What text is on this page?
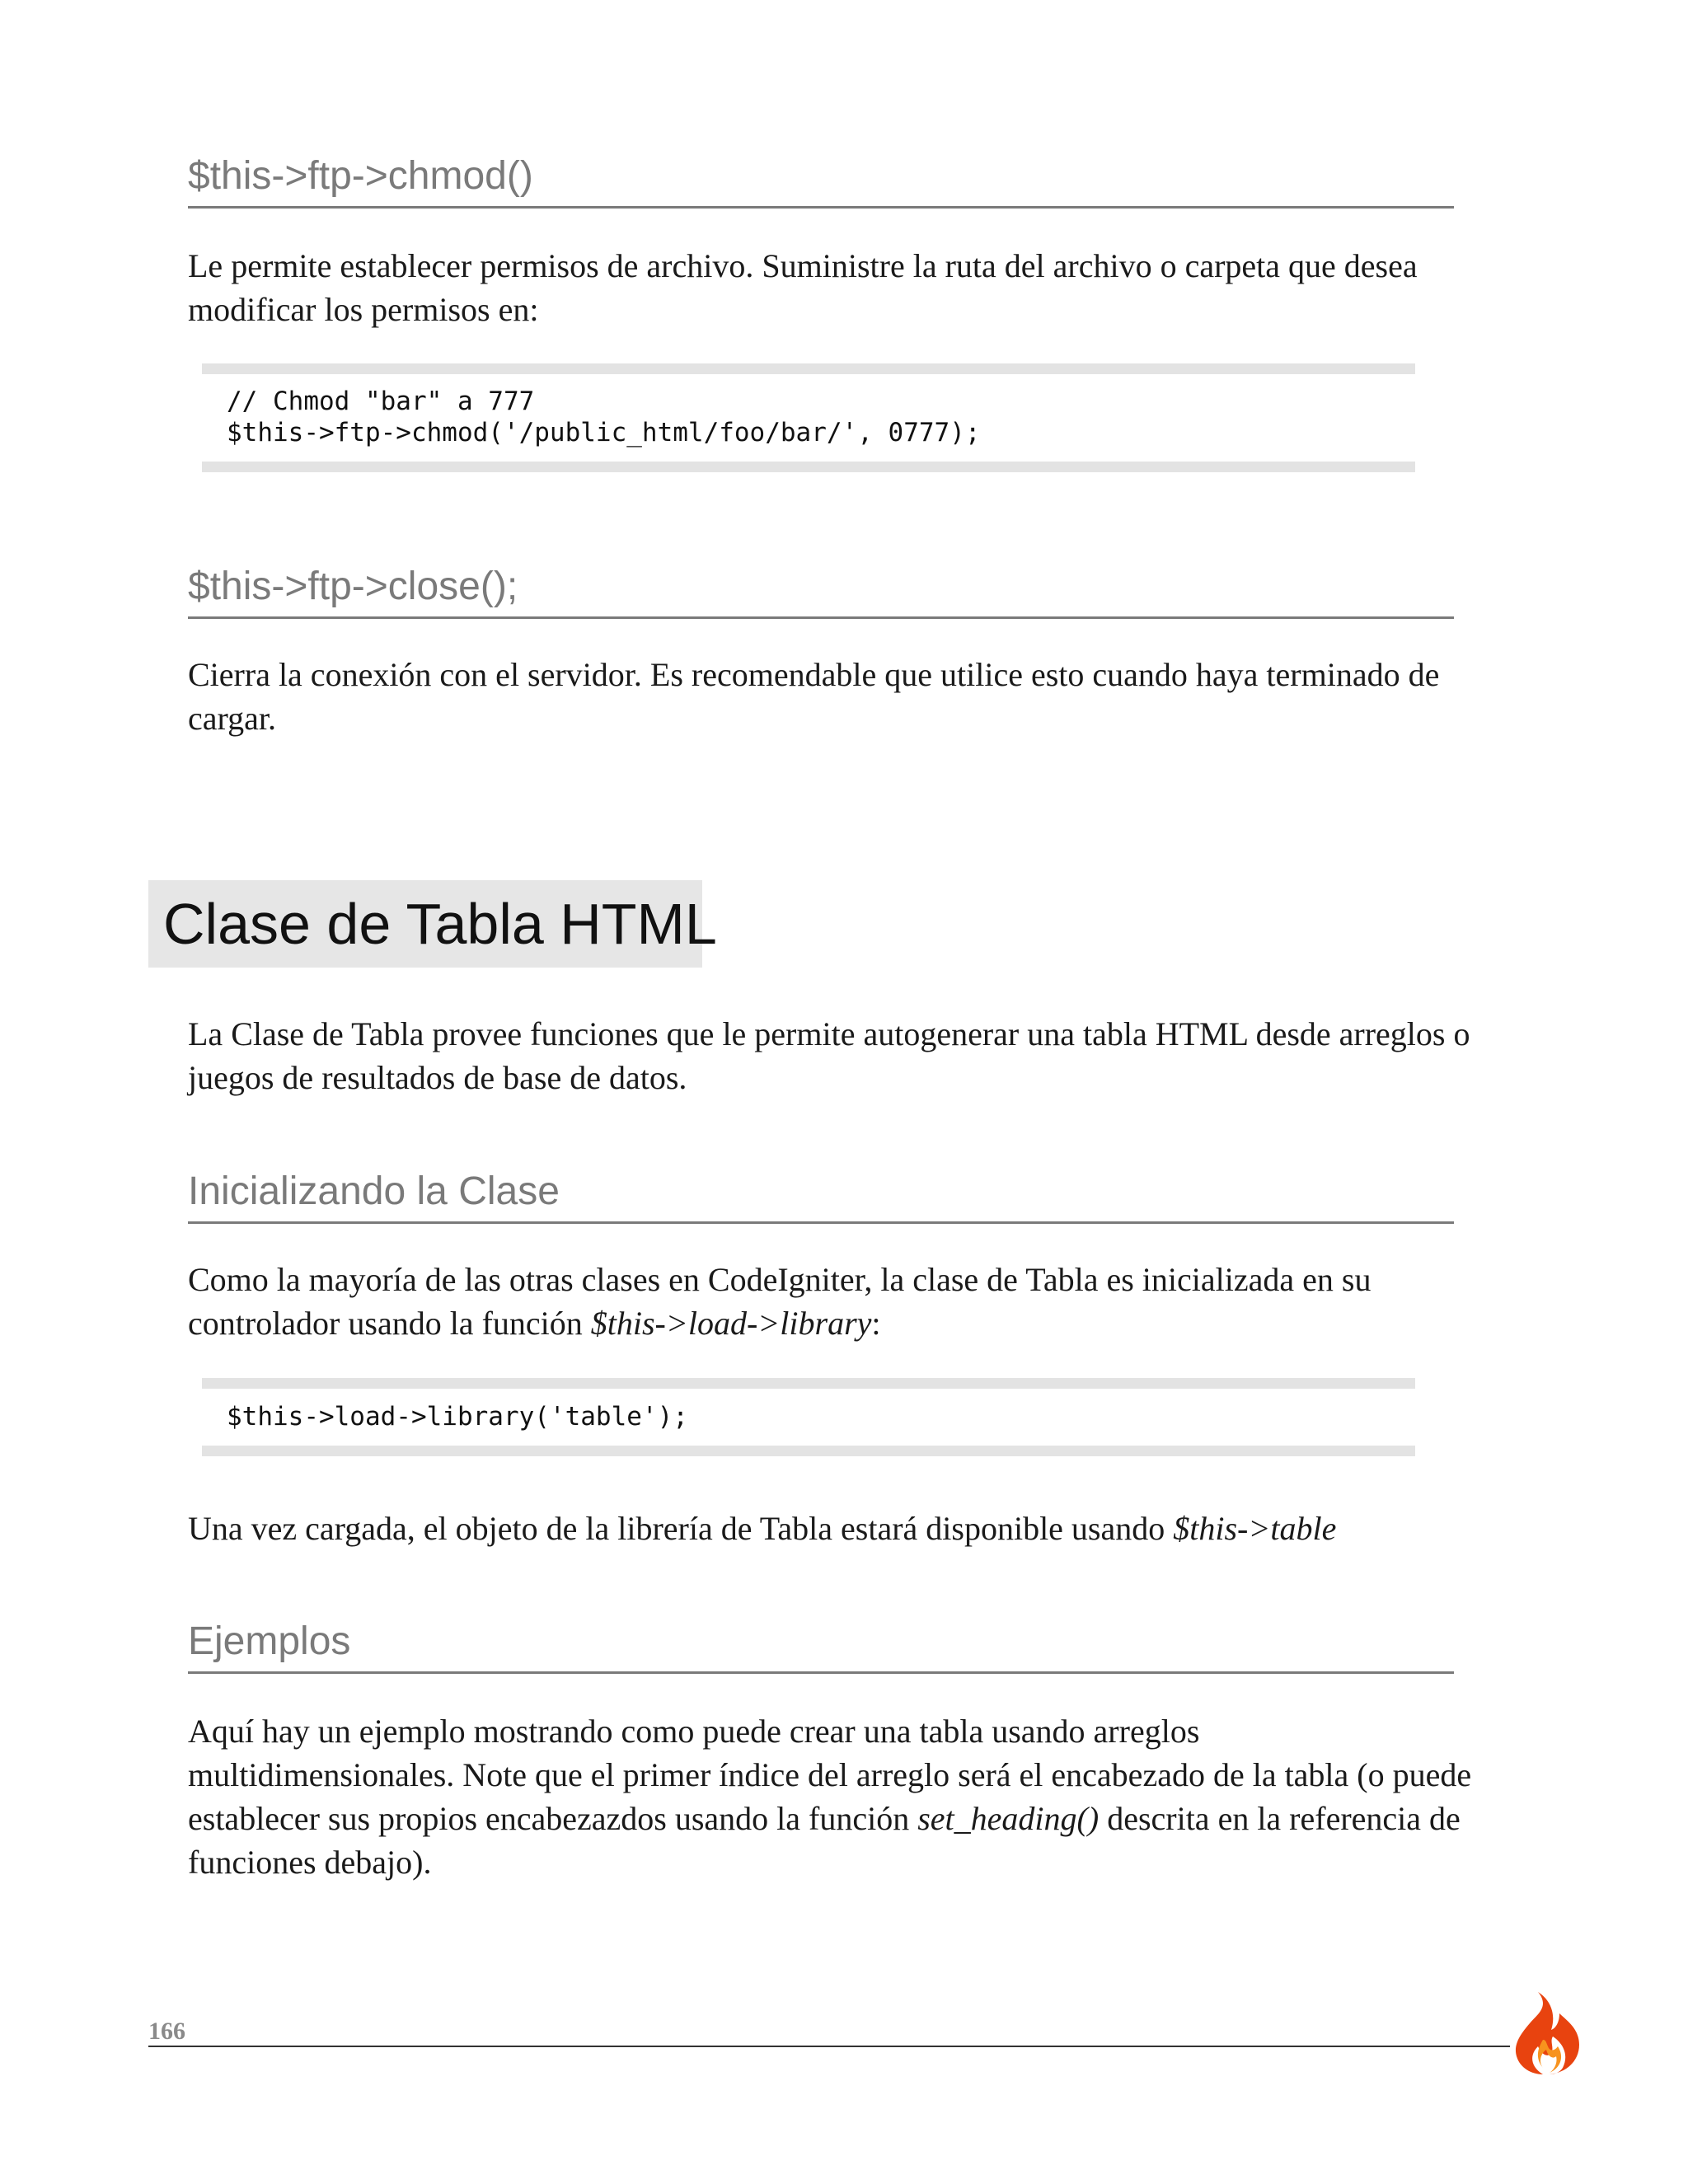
$this->ftp->chmod()
Le permite establecer permisos de archivo. Suministre la ruta del archivo o carpeta que desea modificar los permisos en:
// Chmod "bar" a 777
$this->ftp->chmod('/public_html/foo/bar/', 0777);
$this->ftp->close();
Cierra la conexión con el servidor. Es recomendable que utilice esto cuando haya terminado de cargar.
Clase de Tabla HTML
La Clase de Tabla provee funciones que le permite autogenerar una tabla HTML desde arreglos o juegos de resultados de base de datos.
Inicializando la Clase
Como la mayoría de las otras clases en CodeIgniter, la clase de Tabla es inicializada en su controlador usando la función $this->load->library:
$this->load->library('table');
Una vez cargada, el objeto de la librería de Tabla estará disponible usando $this->table
Ejemplos
Aquí hay un ejemplo mostrando como puede crear una tabla usando arreglos multidimensionales. Note que el primer índice del arreglo será el encabezado de la tabla (o puede establecer sus propios encabezazdos usando la función set_heading() descrita en la referencia de funciones debajo).
166
